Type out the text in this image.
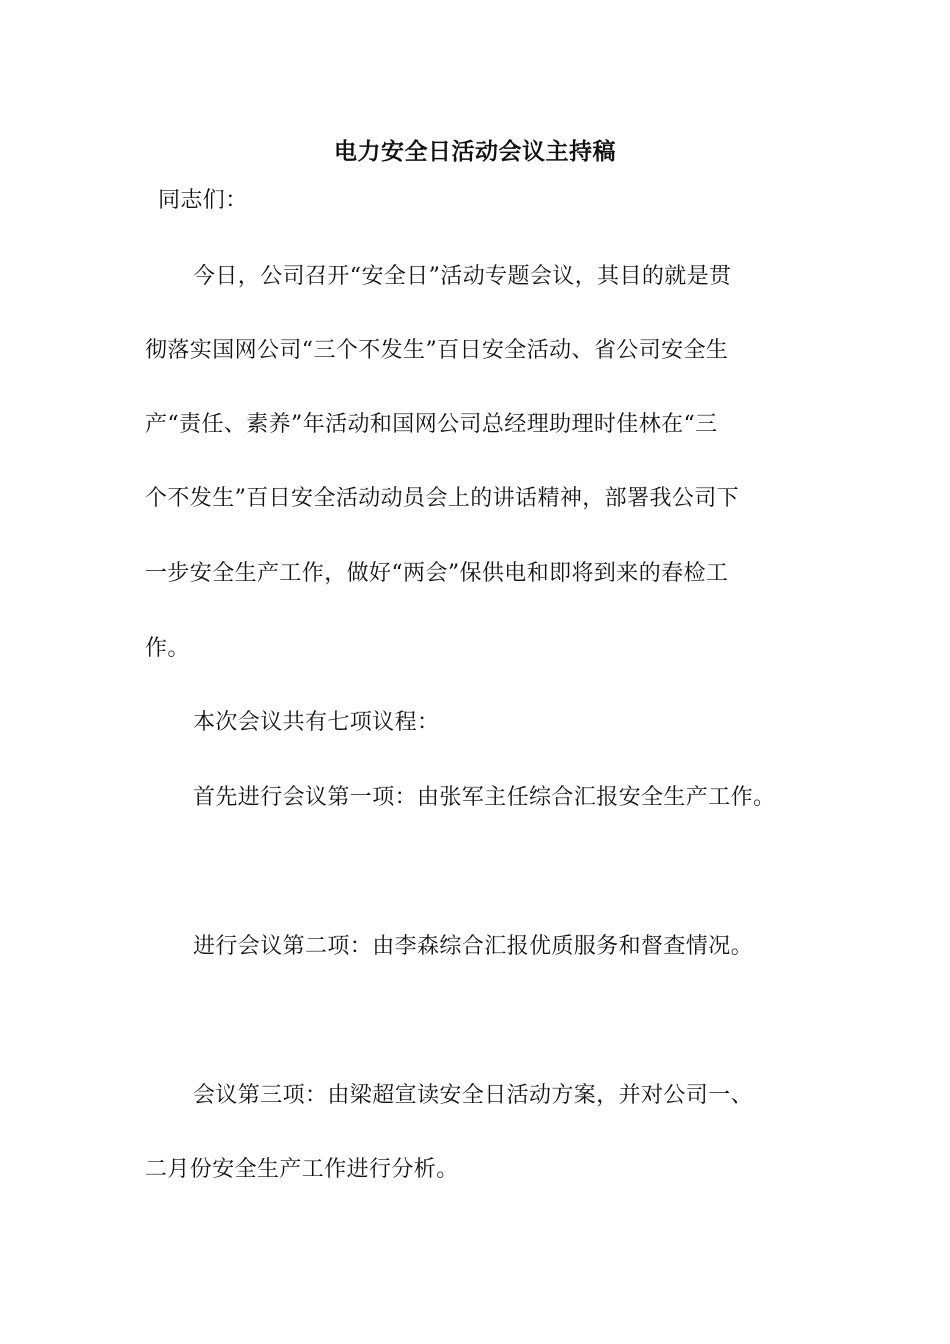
电力安全日活动会议主持稿
同志们：
今日，公司召开“安全日”活动专题会议，其目的就是贯
彻落实国网公司“三个不发生”百日安全活动、省公司安全生
产“责任、素养”年活动和国网公司总经理助理时佳林在“三
个不发生”百日安全活动动员会上的讲话精神，部署我公司下
一步安全生产工作，做好“两会”保供电和即将到来的春检工
作。
本次会议共有七项议程：
首先进行会议第一项：由张军主任综合汇报安全生产工作。
进行会议第二项：由李森综合汇报优质服务和督查情况。
会议第三项：由梁超宣读安全日活动方案，并对公司一、
二月份安全生产工作进行分析。
